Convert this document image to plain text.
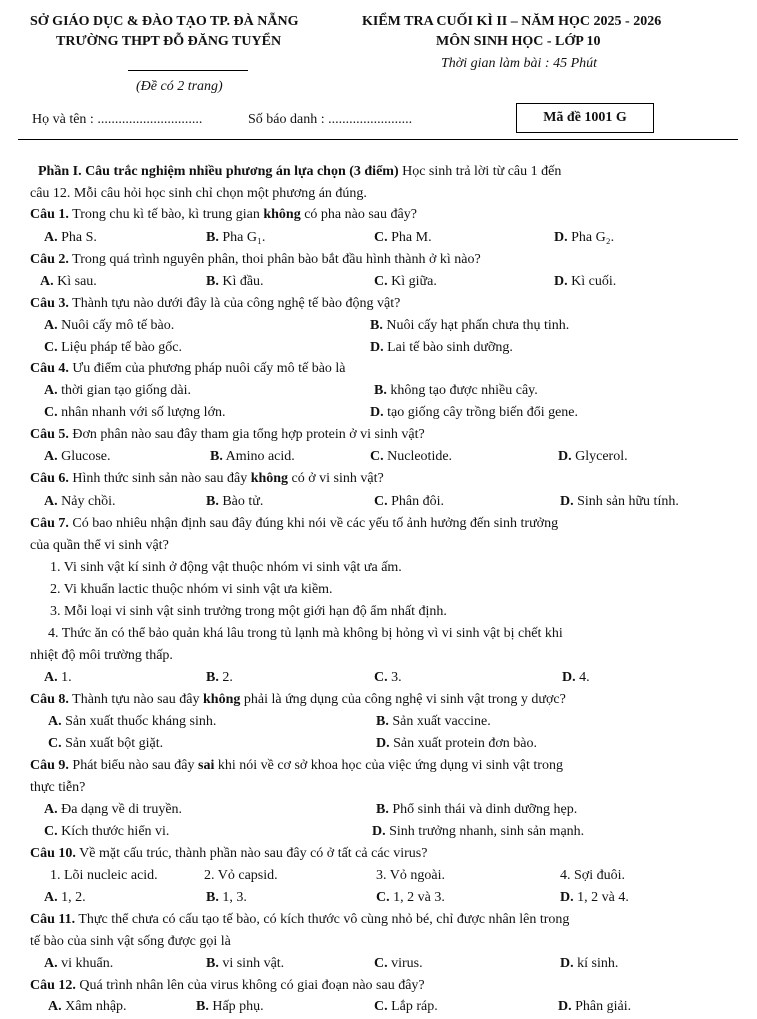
SỞ GIÁO DỤC & ĐÀO TẠO TP. ĐÀ NẴNG
TRƯỜNG THPT ĐỖ ĐĂNG TUYỂN
KIỂM TRA CUỐI KÌ II – NĂM HỌC 2025 - 2026
MÔN SINH HỌC - LỚP 10
Thời gian làm bài : 45 Phút
(Đề có 2 trang)
Họ và tên : ..............................	Số báo danh : ........................	Mã đề 1001 G
Phần I. Câu trắc nghiệm nhiều phương án lựa chọn (3 điểm) Học sinh trả lời từ câu 1 đến
câu 12. Mỗi câu hỏi học sinh chỉ chọn một phương án đúng.
Câu 1. Trong chu kì tế bào, kì trung gian không có pha nào sau đây?
A. Pha S.	B. Pha G₁.	C. Pha M.	D. Pha G₂.
Câu 2. Trong quá trình nguyên phân, thoi phân bào bắt đầu hình thành ở kì nào?
A. Kì sau.	B. Kì đầu.	C. Kì giữa.	D. Kì cuối.
Câu 3. Thành tựu nào dưới đây là của công nghệ tế bào động vật?
A. Nuôi cấy mô tế bào.	B. Nuôi cấy hạt phấn chưa thụ tinh.
C. Liệu pháp tế bào gốc.	D. Lai tế bào sinh dưỡng.
Câu 4. Ưu điểm của phương pháp nuôi cấy mô tế bào là
A. thời gian tạo giống dài.	B. không tạo được nhiều cây.
C. nhân nhanh với số lượng lớn.	D. tạo giống cây trồng biến đổi gene.
Câu 5. Đơn phân nào sau đây tham gia tổng hợp protein ở vi sinh vật?
A. Glucose.	B. Amino acid.	C. Nucleotide.	D. Glycerol.
Câu 6. Hình thức sinh sản nào sau đây không có ở vi sinh vật?
A. Nảy chồi.	B. Bào tử.	C. Phân đôi.	D. Sinh sản hữu tính.
Câu 7. Có bao nhiêu nhận định sau đây đúng khi nói về các yếu tố ảnh hưởng đến sinh trưởng
của quần thể vi sinh vật?
1. Vi sinh vật kí sinh ở động vật thuộc nhóm vi sinh vật ưa ấm.
2. Vi khuẩn lactic thuộc nhóm vi sinh vật ưa kiềm.
3. Mỗi loại vi sinh vật sinh trưởng trong một giới hạn độ ẩm nhất định.
4. Thức ăn có thể bảo quản khá lâu trong tủ lạnh mà không bị hỏng vì vi sinh vật bị chết khi
nhiệt độ môi trường thấp.
A. 1.	B. 2.	C. 3.	D. 4.
Câu 8. Thành tựu nào sau đây không phải là ứng dụng của công nghệ vi sinh vật trong y dược?
A. Sản xuất thuốc kháng sinh.	B. Sản xuất vaccine.
C. Sản xuất bột giặt.	D. Sản xuất protein đơn bào.
Câu 9. Phát biểu nào sau đây sai khi nói về cơ sở khoa học của việc ứng dụng vi sinh vật trong
thực tiễn?
A. Đa dạng về di truyền.	B. Phổ sinh thái và dinh dưỡng hẹp.
C. Kích thước hiển vi.	D. Sinh trưởng nhanh, sinh sản mạnh.
Câu 10. Về mặt cấu trúc, thành phần nào sau đây có ở tất cả các virus?
1. Lõi nucleic acid.	2. Vỏ capsid.	3. Vỏ ngoài.	4. Sợi đuôi.
A. 1, 2.	B. 1, 3.	C. 1, 2 và 3.	D. 1, 2 và 4.
Câu 11. Thực thể chưa có cấu tạo tế bào, có kích thước vô cùng nhỏ bé, chỉ được nhân lên trong
tế bào của sinh vật sống được gọi là
A. vi khuẩn.	B. vi sinh vật.	C. virus.	D. kí sinh.
Câu 12. Quá trình nhân lên của virus không có giai đoạn nào sau đây?
A. Xâm nhập.	B. Hấp phụ.	C. Lắp ráp.	D. Phân giải.
